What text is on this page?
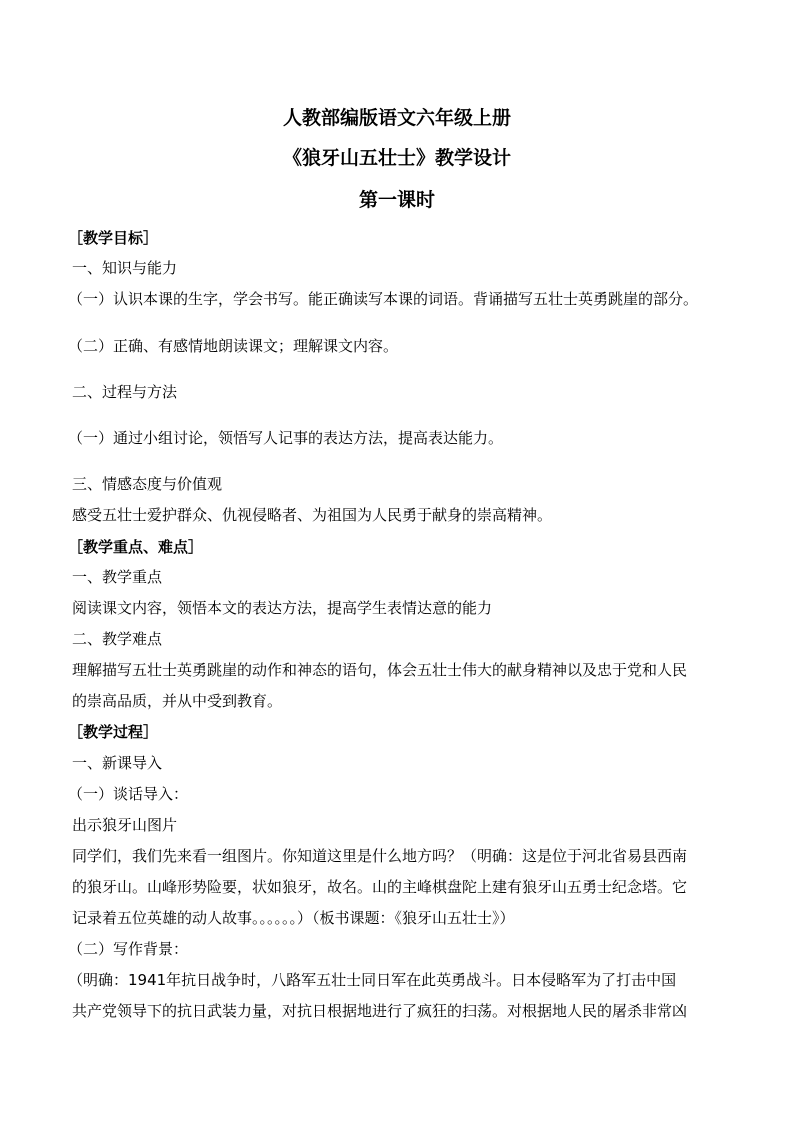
人教部编版语文六年级上册
《狼牙山五壮士》教学设计
第一课时
［教学目标］
一、知识与能力
（一）认识本课的生字，学会书写。能正确读写本课的词语。背诵描写五壮士英勇跳崖的部分。
（二）正确、有感情地朗读课文；理解课文内容。
二、过程与方法
（一）通过小组讨论，领悟写人记事的表达方法，提高表达能力。
三、情感态度与价值观
感受五壮士爱护群众、仇视侵略者、为祖国为人民勇于献身的崇高精神。
［教学重点、难点］
一、教学重点
阅读课文内容，领悟本文的表达方法，提高学生表情达意的能力
二、教学难点
理解描写五壮士英勇跳崖的动作和神态的语句，体会五壮士伟大的献身精神以及忠于党和人民
的崇高品质，并从中受到教育。
［教学过程］
一、新课导入
（一）谈话导入：
出示狼牙山图片
同学们，我们先来看一组图片。你知道这里是什么地方吗？（明确：这是位于河北省易县西南
的狼牙山。山峰形势险要，状如狼牙，故名。山的主峰棋盘陀上建有狼牙山五勇士纪念塔。它
记录着五位英雄的动人故事。。。。。。）（板书课题：《狼牙山五壮士》）
（二）写作背景：
（明确：1941年抗日战争时，八路军五壮士同日军在此英勇战斗。日本侵略军为了打击中国
共产党领导下的抗日武装力量，对抗日根据地进行了疯狂的扫荡。对根据地人民的屠杀非常凶
